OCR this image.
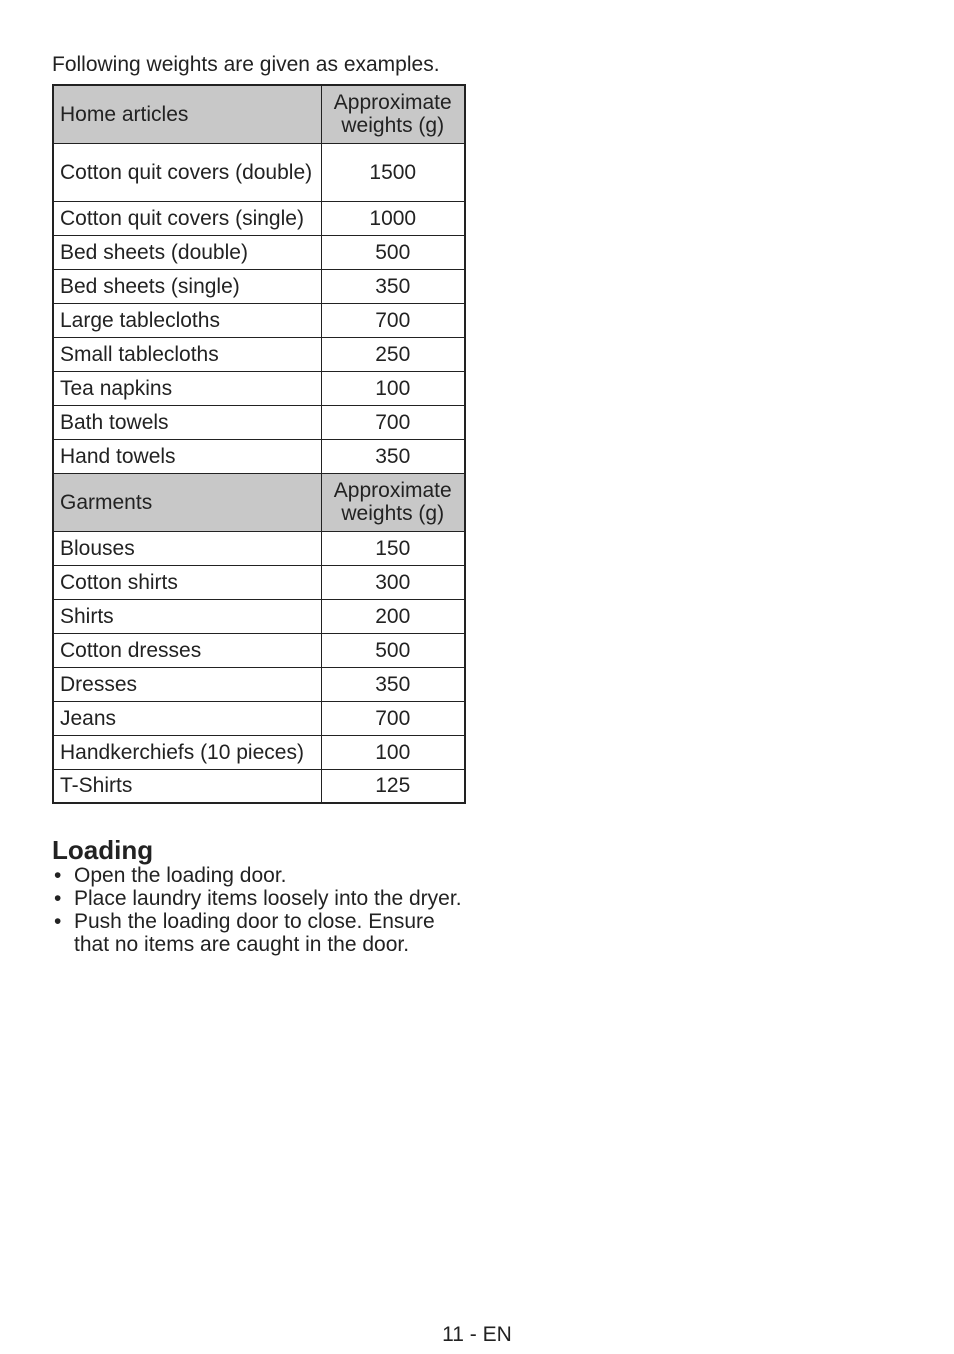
Following weights are given as examples.

Home articles	Approximate weights (g)
Cotton quit covers (double)	1500
Cotton quit covers (single)	1000
Bed sheets (double)	500
Bed sheets (single)	350
Large tablecloths	700
Small tablecloths	250
Tea napkins	100
Bath towels	700
Hand towels	350
Garments	Approximate weights (g)
Blouses	150
Cotton shirts	300
Shirts	200
Cotton dresses	500
Dresses	350
Jeans	700
Handkerchiefs (10 pieces)	100
T-Shirts	125
Loading
• Open the loading door.
• Place laundry items loosely into the dryer.
• Push the loading door to close. Ensure that no items are caught in the door.
11 - EN
